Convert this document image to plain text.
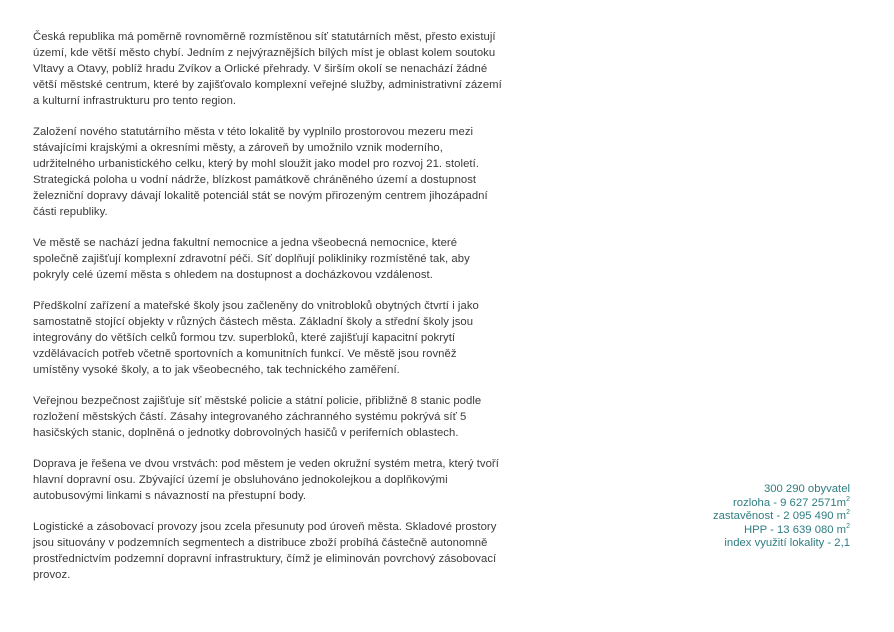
Česká republika má poměrně rovnoměrně rozmístěnou síť statutárních měst, přesto existují území, kde větší město chybí. Jedním z nejvýraznějších bílých míst je oblast kolem soutoku Vltavy a Otavy, poblíž hradu Zvíkov a Orlické přehrady. V širším okolí se nenachází žádné větší městské centrum, které by zajišťovalo komplexní veřejné služby, administrativní zázemí a kulturní infrastrukturu pro tento region.

Založení nového statutárního města v této lokalitě by vyplnilo prostorovou mezeru mezi stávajícími krajskými a okresními městy, a zároveň by umožnilo vznik moderního, udržitelného urbanistického celku, který by mohl sloužit jako model pro rozvoj 21. století. Strategická poloha u vodní nádrže, blízkost památkově chráněného území a dostupnost železniční dopravy dávají lokalitě potenciál stát se novým přirozeným centrem jihozápadní části republiky.

Ve městě se nachází jedna fakultní nemocnice a jedna všeobecná nemocnice, které společně zajišťují komplexní zdravotní péči. Síť doplňují polikliniky rozmístěné tak, aby pokryly celé území města s ohledem na dostupnost a docházkovou vzdálenost.

Předškolní zařízení a mateřské školy jsou začleněny do vnitrobloků obytných čtvrtí i jako samostatně stojící objekty v různých částech města. Základní školy a střední školy jsou integrovány do větších celků formou tzv. superbloků, které zajišťují kapacitní pokrytí vzdělávacích potřeb včetně sportovních a komunitních funkcí. Ve městě jsou rovněž umístěny vysoké školy, a to jak všeobecného, tak technického zaměření.

Veřejnou bezpečnost zajišťuje síť městské policie a státní policie, přibližně 8 stanic podle rozložení městských částí. Zásahy integrovaného záchranného systému pokrývá síť 5 hasičských stanic, doplněná o jednotky dobrovolných hasičů v periferních oblastech.

Doprava je řešena ve dvou vrstvách: pod městem je veden okružní systém metra, který tvoří hlavní dopravní osu. Zbývající území je obsluhováno jednokolejkou a doplňkovými autobusovými linkami s návazností na přestupní body.

Logistické a zásobovací provozy jsou zcela přesunuty pod úroveň města. Skladové prostory jsou situovány v podzemních segmentech a distribuce zboží probíhá částečně autonomně prostřednictvím podzemní dopravní infrastruktury, čímž je eliminován povrchový zásobovací provoz.

300 290 obyvatel
rozloha - 9 627 $2571m^2$
zastavěnost - 2 095 490 $m^2$
HPP - 13 639 080 $m^2$
index využití lokality - 2,1
